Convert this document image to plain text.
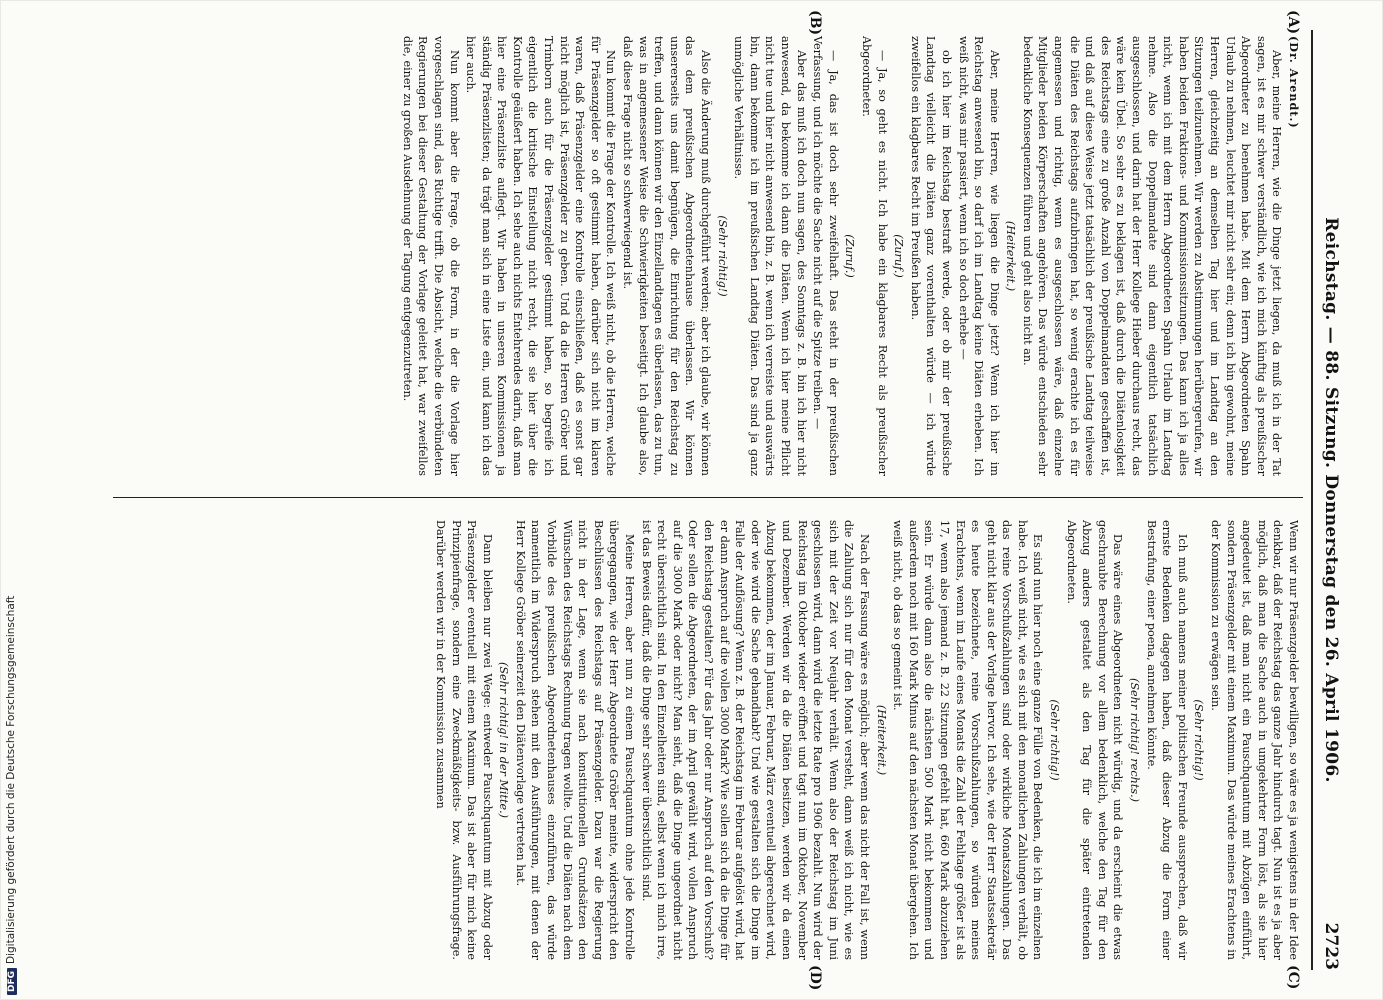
Reichstag. — 88. Sitzung. Donnerstag den 26. April 1906.
2723
(A)
(B)
(C)
(D)

(Dr. Arendt.)

Aber, meine Herren, wie die Dinge jetzt liegen, da muß ich in der Tat sagen, ist es mir schwer verständlich, wie ich mich künftig als preußischer Abgeordneter zu benehmen habe. Mit dem Herrn Abgeordneten Spahn Urlaub zu nehmen, leuchtet mir nicht sehr ein; denn ich bin gewohnt, meine Herren, gleichzeitig an demselben Tag hier und im Landtag an den Sitzungen teilzunehmen. Wir werden zu Abstimmungen herübergerufen, wir haben beiden Fraktions- und Kommissionssitzungen. Das kann ich ja alles nicht, wenn ich mit dem Herrn Abgeordneten Spahn Urlaub im Landtag nehme. Also die Doppelmandate sind dann eigentlich tatsächlich ausgeschlossen, und darin hat der Herr Kollege Hieber durchaus recht, das wäre kein Übel. So sehr es zu beklagen ist, daß durch die Diätenlosigkeit des Reichstags eine zu große Anzahl von Doppelmandaten geschaffen ist, und daß auf diese Weise jetzt tatsächlich der preußische Landtag teilweise die Diäten des Reichstags aufzubringen hat, so wenig erachte ich es für angemessen und richtig, wenn es ausgeschlossen wäre, daß einzelne Mitglieder beiden Körperschaften angehören. Das würde entschieden sehr bedenkliche Konsequenzen führen und geht also nicht an.

(Heiterkeit.)

Aber, meine Herren, wie liegen die Dinge jetzt? Wenn ich hier im Reichstag anwesend bin, so darf ich im Landtag keine Diäten erheben. Ich weiß nicht, was mir passiert, wenn ich so doch erhebe —

ob ich hier im Reichstag bestraft werde, oder ob mir der preußische Landtag vielleicht die Diäten ganz vorenthalten würde — ich würde zweifellos ein klagbares Recht im Preußen haben.

(Zuruf.)

— Ja, so geht es nicht. Ich habe ein klagbares Recht als preußischer Abgeordneter.

(Zuruf.)

— Ja, das ist doch sehr zweifelhaft. Das steht in der preußischen Verfassung, und ich möchte die Sache nicht auf die Spitze treiben. —

Aber das muß ich doch nun sagen, des Sonntags z. B. bin ich hier nicht anwesend, da bekomme ich dann die Diäten. Wenn ich hier meine Pflicht nicht tue und hier nicht anwesend bin, z. B. wenn ich verreiste und auswärts bin, dann bekomme ich im preußischen Landtag Diäten. Das sind ja ganz unmögliche Verhältnisse.

(Sehr richtig!)

Also die Änderung muß durchgeführt werden; aber ich glaube, wir können das dem preußischen Abgeordnetenhause überlassen. Wir können unsererseits uns damit begnügen, die Einrichtung für den Reichstag zu treffen, und dann können wir den Einzellandtagen es überlassen, das zu tun, was in angemessener Weise die Schwierigkeiten beseitigt. Ich glaube also, daß diese Frage nicht so schwerwiegend ist.

Nun kommt die Frage der Kontrolle. Ich weiß nicht, ob die Herren, welche für Präsenzgelder so oft gestimmt haben, darüber sich nicht im klaren waren, daß Präsenzgelder eine Kontrolle einschließen, daß es sonst gar nicht möglich ist, Präsenzgelder zu geben. Und da die Herren Gröber und Trimborn auch für die Präsenzgelder gestimmt haben, so begreife ich eigentlich die kritische Einstellung nicht recht, die sie hier über die Kontrolle geäußert haben. Ich sehe auch nichts Entehrendes darin, daß man hier eine Präsenzliste auflegt. Wir haben in unseren Kommissionen ja ständig Präsenzlisten; da trägt man sich in eine Liste ein, und kann ich das hier auch.

Nun kommt aber die Frage, ob die Form, in der die Vorlage hier vorgeschlagen sind, das Richtige trifft. Die Absicht, welche die verbündeten Regierungen bei dieser Gestaltung der Vorlage geleitet hat, war zweifellos die, einer zu großen Ausdehnung der Tagung entgegenzutreten.

Wenn wir nur Präsenzgelder bewilligen, so wäre es ja wenigstens in der Idee denkbar, daß der Reichstag das ganze Jahr hindurch tagt. Nun ist es ja aber möglich, daß man die Sache auch in umgekehrter Form löst, als sie hier angedeutet ist, daß man nicht ein Pauschquantum mit Abzügen einführt, sondern Präsenzgelder mit einem Maximum. Das würde meines Erachtens in der Kommission zu erwägen sein.

(Sehr richtig!)

Ich muß auch namens meiner politischen Freunde aussprechen, daß wir ernste Bedenken dagegen haben, daß dieser Abzug die Form einer Bestrafung, einer poena, annehmen könnte.

(Sehr richtig! rechts.)

Das wäre eines Abgeordneten nicht würdig, und da erscheint die etwas geschraubte Berechnung vor allem bedenklich, welche den Tag für den Abzug anders gestaltet als den Tag für die später eintretenden Abgeordneten.

(Sehr richtig!)

Es sind nun hier noch eine ganze Fülle von Bedenken, die ich im einzelnen habe. Ich weiß nicht, wie es sich mit den monatlichen Zahlungen verhält, ob das reine Vorschußzahlungen sind oder wirkliche Monatszahlungen. Das geht nicht klar aus der Vorlage hervor. Ich sehe, wie der Herr Staatssekretär es heute bezeichnete, reine Vorschußzahlungen, so würden meines Erachtens, wenn im Laufe eines Monats die Zahl der Fehltage größer ist als 17, wenn also jemand z. B. 22 Sitzungen gefehlt hat, 660 Mark abzuziehen sein. Er würde dann also die nächsten 500 Mark nicht bekommen und außerdem noch mit 160 Mark Minus auf den nächsten Monat übergehen. Ich weiß nicht, ob das so gemeint ist.

(Heiterkeit.)

Nach der Fassung wäre es möglich; aber wenn das nicht der Fall ist, wenn die Zahlung sich nur für den Monat versteht, dann weiß ich nicht, wie es sich mit der Zeit vor Neujahr verhält. Wenn also der Reichstag im Juni geschlossen wird, dann wird die letzte Rate pro 1906 bezahlt. Nun wird der Reichstag im Oktober wieder eröffnet und tagt nun im Oktober, November und Dezember. Werden wir da die Diäten besitzen, werden wir da einen Abzug bekommen, der im Januar, Februar, März eventuell abgerechnet wird, oder wie wird die Sache gehandhabt? Und wie gestalten sich die Dinge im Falle der Auflösung? Wenn z. B. der Reichstag im Februar aufgelöst wird, hat er dann Anspruch auf die vollen 3000 Mark? Wie sollen sich da die Dinge für den Reichstag gestalten? Für das Jahr oder nur Anspruch auf den Vorschuß? Oder sollen die Abgeordneten, der im April gewählt wird, vollen Anspruch auf die 3000 Mark oder nicht? Man sieht, daß die Dinge ungeordnet nicht recht übersichtlich sind. In den Einzelheiten sind, selbst wenn ich mich irre, ist das Beweis dafür, daß die Dinge sehr schwer übersichtlich sind.

Meine Herren, aber nun zu einem Pauschquantum ohne jede Kontrolle übergegangen, wie der Herr Abgeordnete Gröber meinte, widerspricht den Beschlüssen des Reichstags auf Präsenzgelder. Dazu war die Regierung nicht in der Lage, wenn sie nach konstitutionellen Grundsätzen den Wünschen des Reichstags Rechnung tragen wollte. Und die Diäten nach dem Vorbilde des preußischen Abgeordnetenhauses einzuführen, das würde namentlich im Widerspruch stehen mit den Ausführungen, mit denen der Herr Kollege Gröber seinerzeit den Diätenvorlage vertreten hat.

(Sehr richtig! in der Mitte.)

Dann bleiben nur zwei Wege: entweder Pauschquantum mit Abzug oder Präsenzgelder eventuell mit einem Maximum. Das ist aber für mich keine Prinzipienfrage, sondern eine Zweckmäßigkeits- bzw. Ausführungsfrage. Darüber werden wir in der Kommission zusammen

DFGDigitalisierung gefördert durch die Deutsche Forschungsgemeinschaft
